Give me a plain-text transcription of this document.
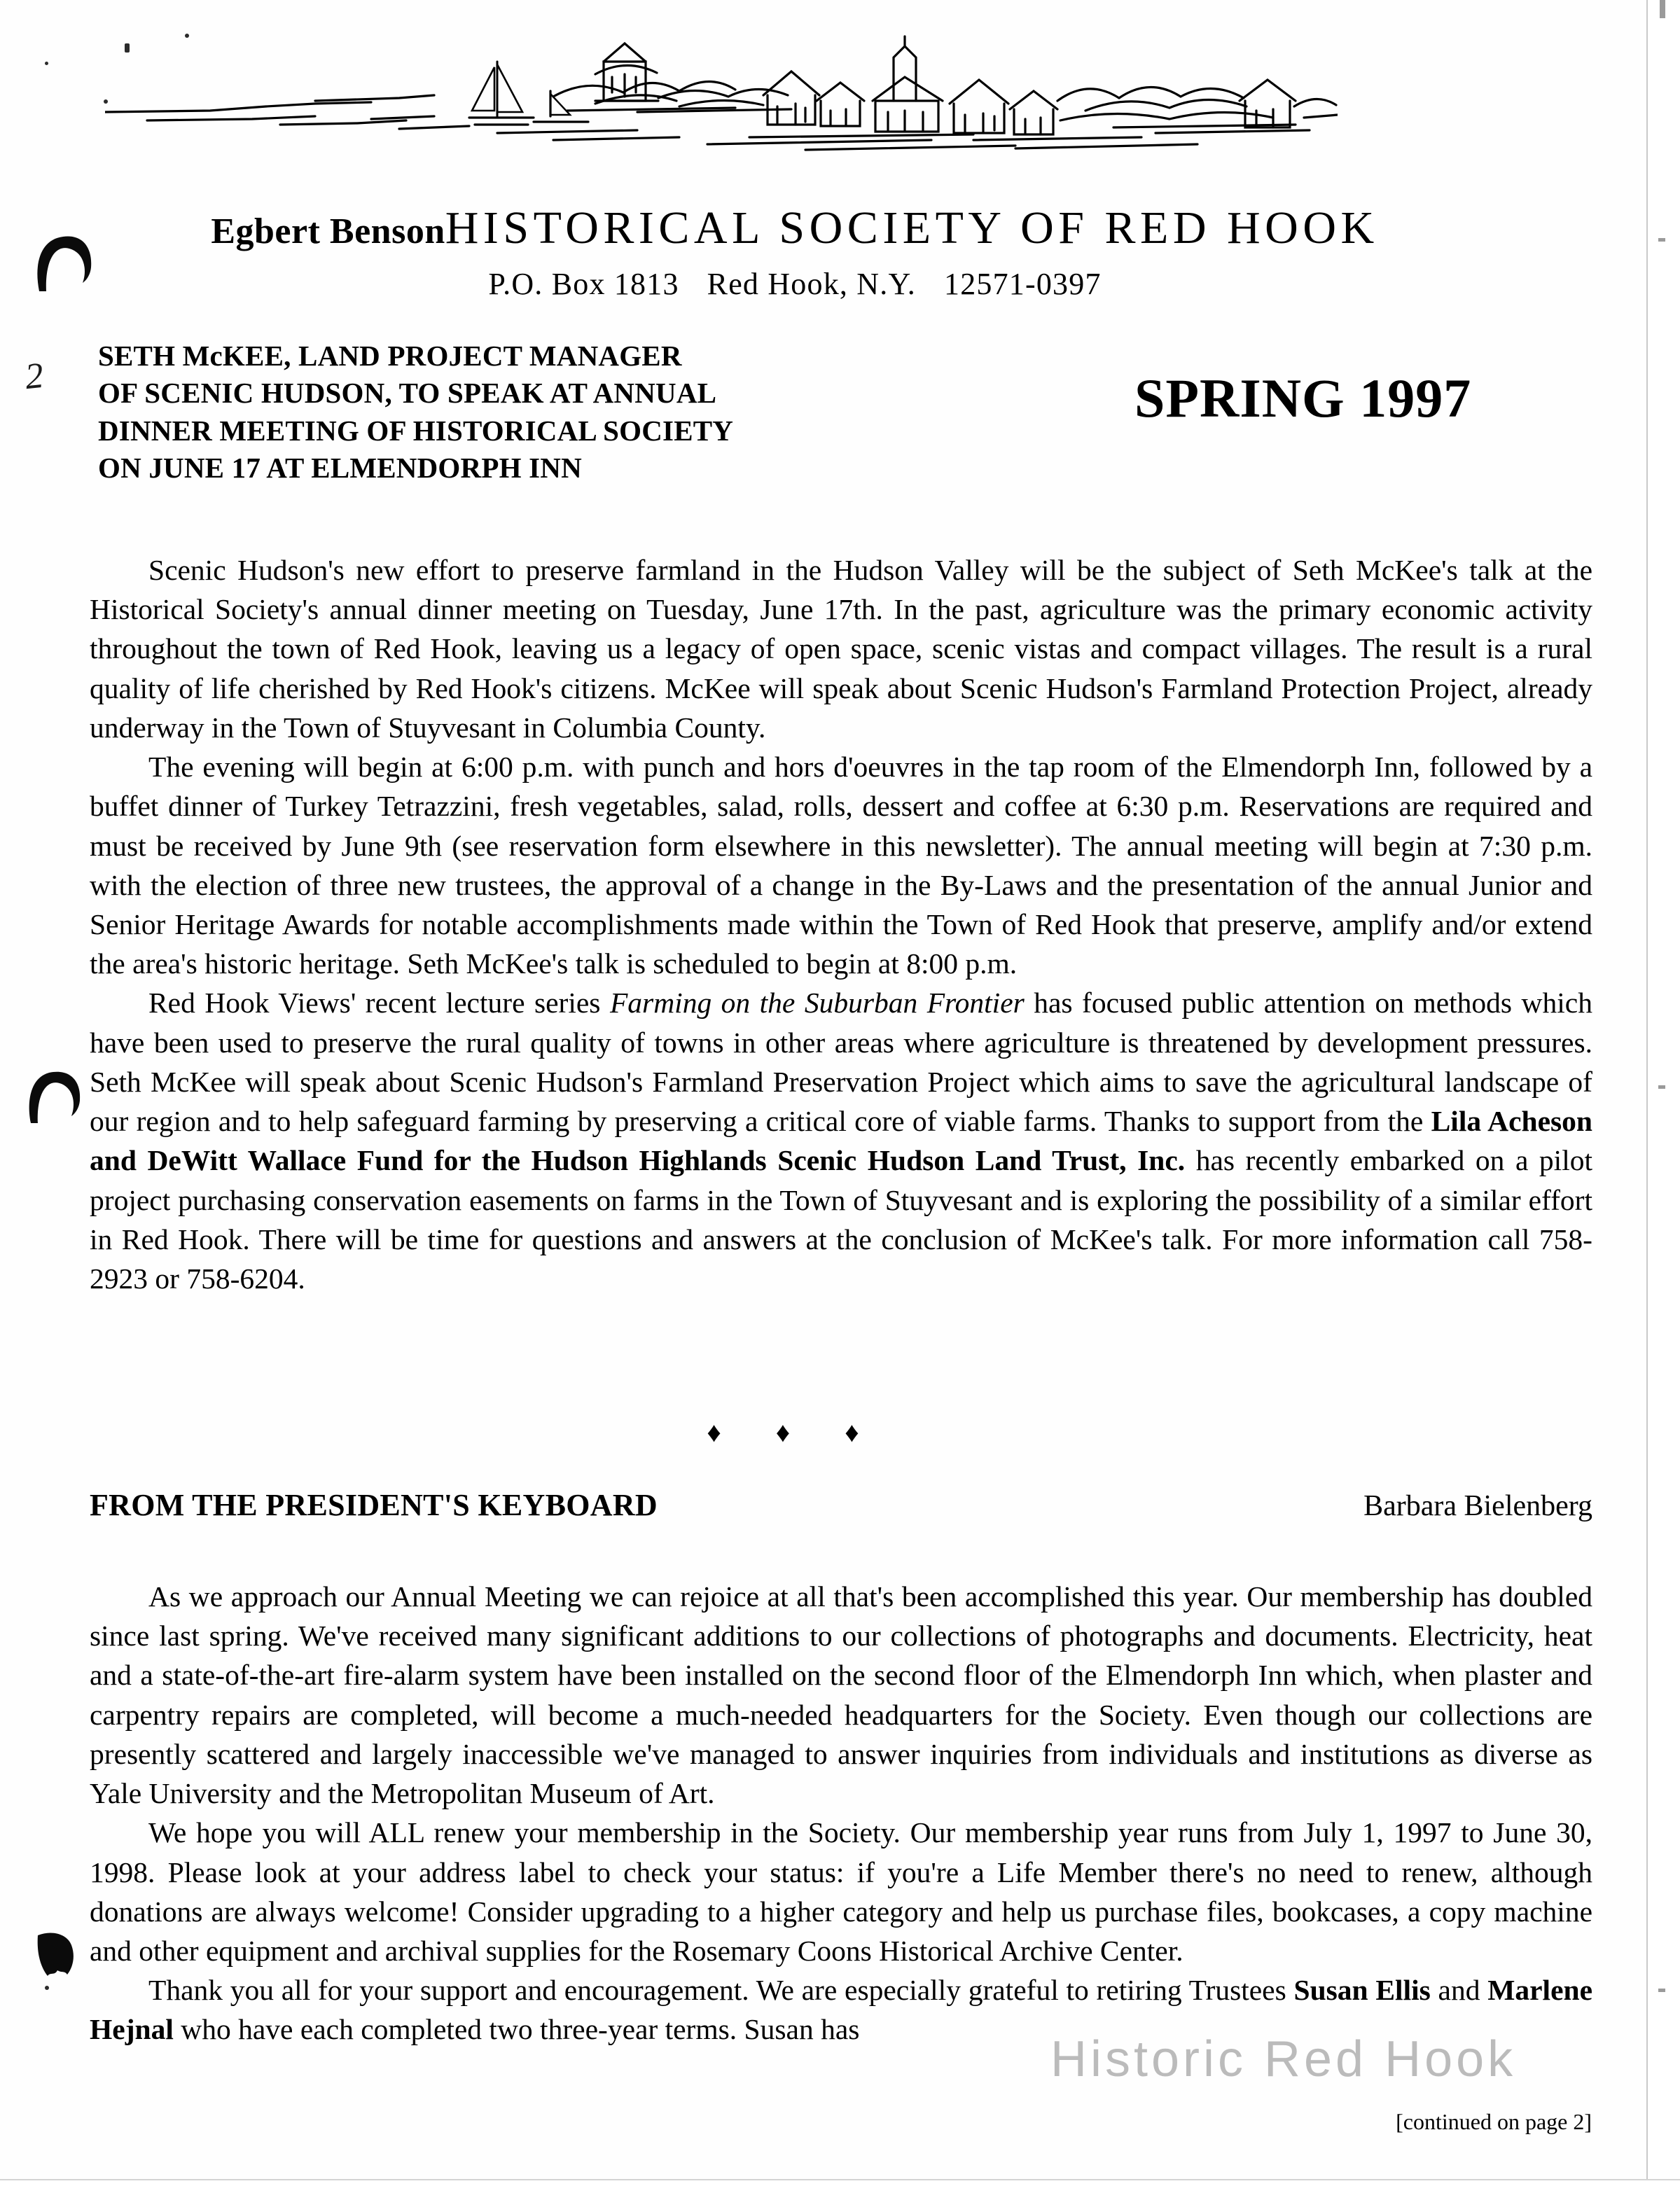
Egbert BensonHISTORICAL SOCIETY OF RED HOOK
P.O. Box 1813 Red Hook, N.Y. 12571-0397
2 SETH McKEE, LAND PROJECT MANAGER
OF SCENIC HUDSON, TO SPEAK AT ANNUAL
DINNER MEETING OF HISTORICAL SOCIETY
ON JUNE 17 AT ELMENDORPH INN
SPRING 1997

Scenic Hudson's new effort to preserve farmland in the Hudson Valley will be the subject of Seth McKee's talk at the Historical Society's annual dinner meeting on Tuesday, June 17th. In the past, agriculture was the primary economic activity throughout the town of Red Hook, leaving us a legacy of open space, scenic vistas and compact villages. The result is a rural quality of life cherished by Red Hook's citizens. McKee will speak about Scenic Hudson's Farmland Protection Project, already underway in the Town of Stuyvesant in Columbia County.

The evening will begin at 6:00 p.m. with punch and hors d'oeuvres in the tap room of the Elmendorph Inn, followed by a buffet dinner of Turkey Tetrazzini, fresh vegetables, salad, rolls, dessert and coffee at 6:30 p.m. Reservations are required and must be received by June 9th (see reservation form elsewhere in this newsletter). The annual meeting will begin at 7:30 p.m. with the election of three new trustees, the approval of a change in the By-Laws and the presentation of the annual Junior and Senior Heritage Awards for notable accomplishments made within the Town of Red Hook that preserve, amplify and/or extend the area's historic heritage. Seth McKee's talk is scheduled to begin at 8:00 p.m.

Red Hook Views' recent lecture series Farming on the Suburban Frontier has focused public attention on methods which have been used to preserve the rural quality of towns in other areas where agriculture is threatened by development pressures. Seth McKee will speak about Scenic Hudson's Farmland Preservation Project which aims to save the agricultural landscape of our region and to help safeguard farming by preserving a critical core of viable farms. Thanks to support from the Lila Acheson and DeWitt Wallace Fund for the Hudson Highlands Scenic Hudson Land Trust, Inc. has recently embarked on a pilot project purchasing conservation easements on farms in the Town of Stuyvesant and is exploring the possibility of a similar effort in Red Hook. There will be time for questions and answers at the conclusion of McKee's talk. For more information call 758-2923 or 758-6204.

♦ ♦ ♦
FROM THE PRESIDENT'S KEYBOARD	Barbara Bielenberg

As we approach our Annual Meeting we can rejoice at all that's been accomplished this year. Our membership has doubled since last spring. We've received many significant additions to our collections of photographs and documents. Electricity, heat and a state-of-the-art fire-alarm system have been installed on the second floor of the Elmendorph Inn which, when plaster and carpentry repairs are completed, will become a much-needed headquarters for the Society. Even though our collections are presently scattered and largely inaccessible we've managed to answer inquiries from individuals and institutions as diverse as Yale University and the Metropolitan Museum of Art.

We hope you will ALL renew your membership in the Society. Our membership year runs from July 1, 1997 to June 30, 1998. Please look at your address label to check your status: if you're a Life Member there's no need to renew, although donations are always welcome! Consider upgrading to a higher category and help us purchase files, bookcases, a copy machine and other equipment and archival supplies for the Rosemary Coons Historical Archive Center.

Thank you all for your support and encouragement. We are especially grateful to retiring Trustees Susan Ellis and Marlene Hejnal who have each completed two three-year terms. Susan has

[continued on page 2]
Historic Red Hook
